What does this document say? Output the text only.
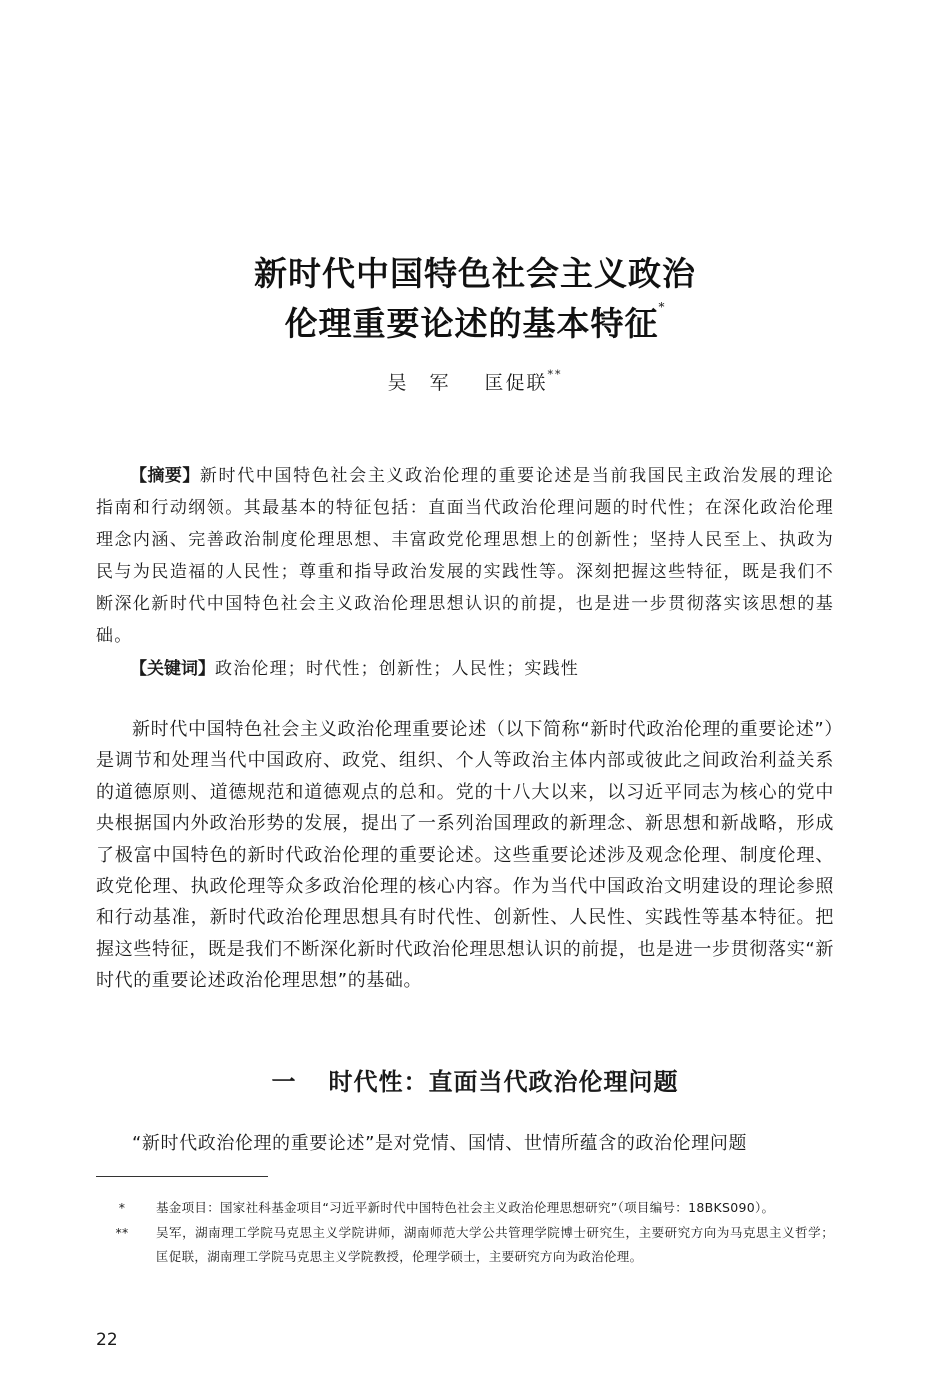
新时代中国特色社会主义政治
伦理重要论述的基本特征*
吴　军 匡促联**
【摘要】新时代中国特色社会主义政治伦理的重要论述是当前我国民主政治发展的理论指南和行动纲领。其最基本的特征包括：直面当代政治伦理问题的时代性；在深化政治伦理理念内涵、完善政治制度伦理思想、丰富政党伦理思想上的创新性；坚持人民至上、执政为民与为民造福的人民性；尊重和指导政治发展的实践性等。深刻把握这些特征，既是我们不断深化新时代中国特色社会主义政治伦理思想认识的前提，也是进一步贯彻落实该思想的基础。
【关键词】政治伦理；时代性；创新性；人民性；实践性

新时代中国特色社会主义政治伦理重要论述（以下简称“新时代政治伦理的重要论述”）是调节和处理当代中国政府、政党、组织、个人等政治主体内部或彼此之间政治利益关系的道德原则、道德规范和道德观点的总和。党的十八大以来，以习近平同志为核心的党中央根据国内外政治形势的发展，提出了一系列治国理政的新理念、新思想和新战略，形成了极富中国特色的新时代政治伦理的重要论述。这些重要论述涉及观念伦理、制度伦理、政党伦理、执政伦理等众多政治伦理的核心内容。作为当代中国政治文明建设的理论参照和行动基准，新时代政治伦理思想具有时代性、创新性、人民性、实践性等基本特征。把握这些特征，既是我们不断深化新时代政治伦理思想认识的前提，也是进一步贯彻落实“新时代的重要论述政治伦理思想”的基础。

一 时代性：直面当代政治伦理问题

“新时代政治伦理的重要论述”是对党情、国情、世情所蕴含的政治伦理问题

*	基金项目：国家社科基金项目“习近平新时代中国特色社会主义政治伦理思想研究”（项目编号：18BKS090）。
**	吴军，湖南理工学院马克思主义学院讲师，湖南师范大学公共管理学院博士研究生，主要研究方向为马克思主义哲学；匡促联，湖南理工学院马克思主义学院教授，伦理学硕士，主要研究方向为政治伦理。
22
